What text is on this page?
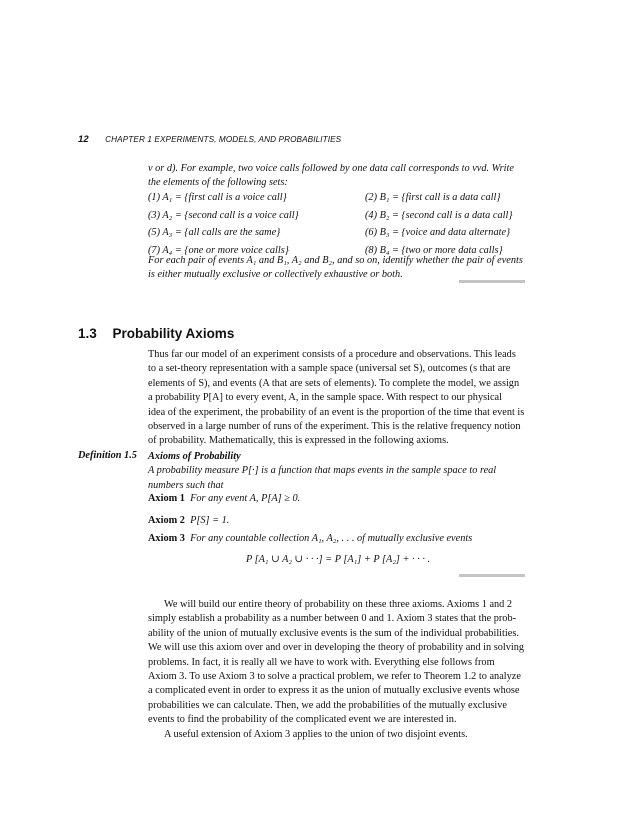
12 CHAPTER 1 EXPERIMENTS, MODELS, AND PROBABILITIES
v or d). For example, two voice calls followed by one data call corresponds to vvd. Write
the elements of the following sets:
(1) A₁ = {first call is a voice call}	(2) B₁ = {first call is a data call}
(3) A₂ = {second call is a voice call}	(4) B₂ = {second call is a data call}
(5) A₃ = {all calls are the same}	(6) B₃ = {voice and data alternate}
(7) A₄ = {one or more voice calls}	(8) B₄ = {two or more data calls}
For each pair of events A₁ and B₁, A₂ and B₂, and so on, identify whether the pair of events
is either mutually exclusive or collectively exhaustive or both.
1.3 Probability Axioms
Thus far our model of an experiment consists of a procedure and observations. This leads
to a set-theory representation with a sample space (universal set S), outcomes (s that are
elements of S), and events (A that are sets of elements). To complete the model, we assign
a probability P[A] to every event, A, in the sample space. With respect to our physical
idea of the experiment, the probability of an event is the proportion of the time that event is
observed in a large number of runs of the experiment. This is the relative frequency notion
of probability. Mathematically, this is expressed in the following axioms.
Definition 1.5 Axioms of Probability
A probability measure P[·] is a function that maps events in the sample space to real
numbers such that
Axiom 1 For any event A, P[A] ≥ 0.
Axiom 2 P[S] = 1.
Axiom 3 For any countable collection A₁, A₂, . . . of mutually exclusive events
P [A₁ ∪ A₂ ∪ · · ·] = P [A₁] + P [A₂] + · · · .
We will build our entire theory of probability on these three axioms. Axioms 1 and 2
simply establish a probability as a number between 0 and 1. Axiom 3 states that the prob-
ability of the union of mutually exclusive events is the sum of the individual probabilities.
We will use this axiom over and over in developing the theory of probability and in solving
problems. In fact, it is really all we have to work with. Everything else follows from
Axiom 3. To use Axiom 3 to solve a practical problem, we refer to Theorem 1.2 to analyze
a complicated event in order to express it as the union of mutually exclusive events whose
probabilities we can calculate. Then, we add the probabilities of the mutually exclusive
events to find the probability of the complicated event we are interested in.
A useful extension of Axiom 3 applies to the union of two disjoint events.
